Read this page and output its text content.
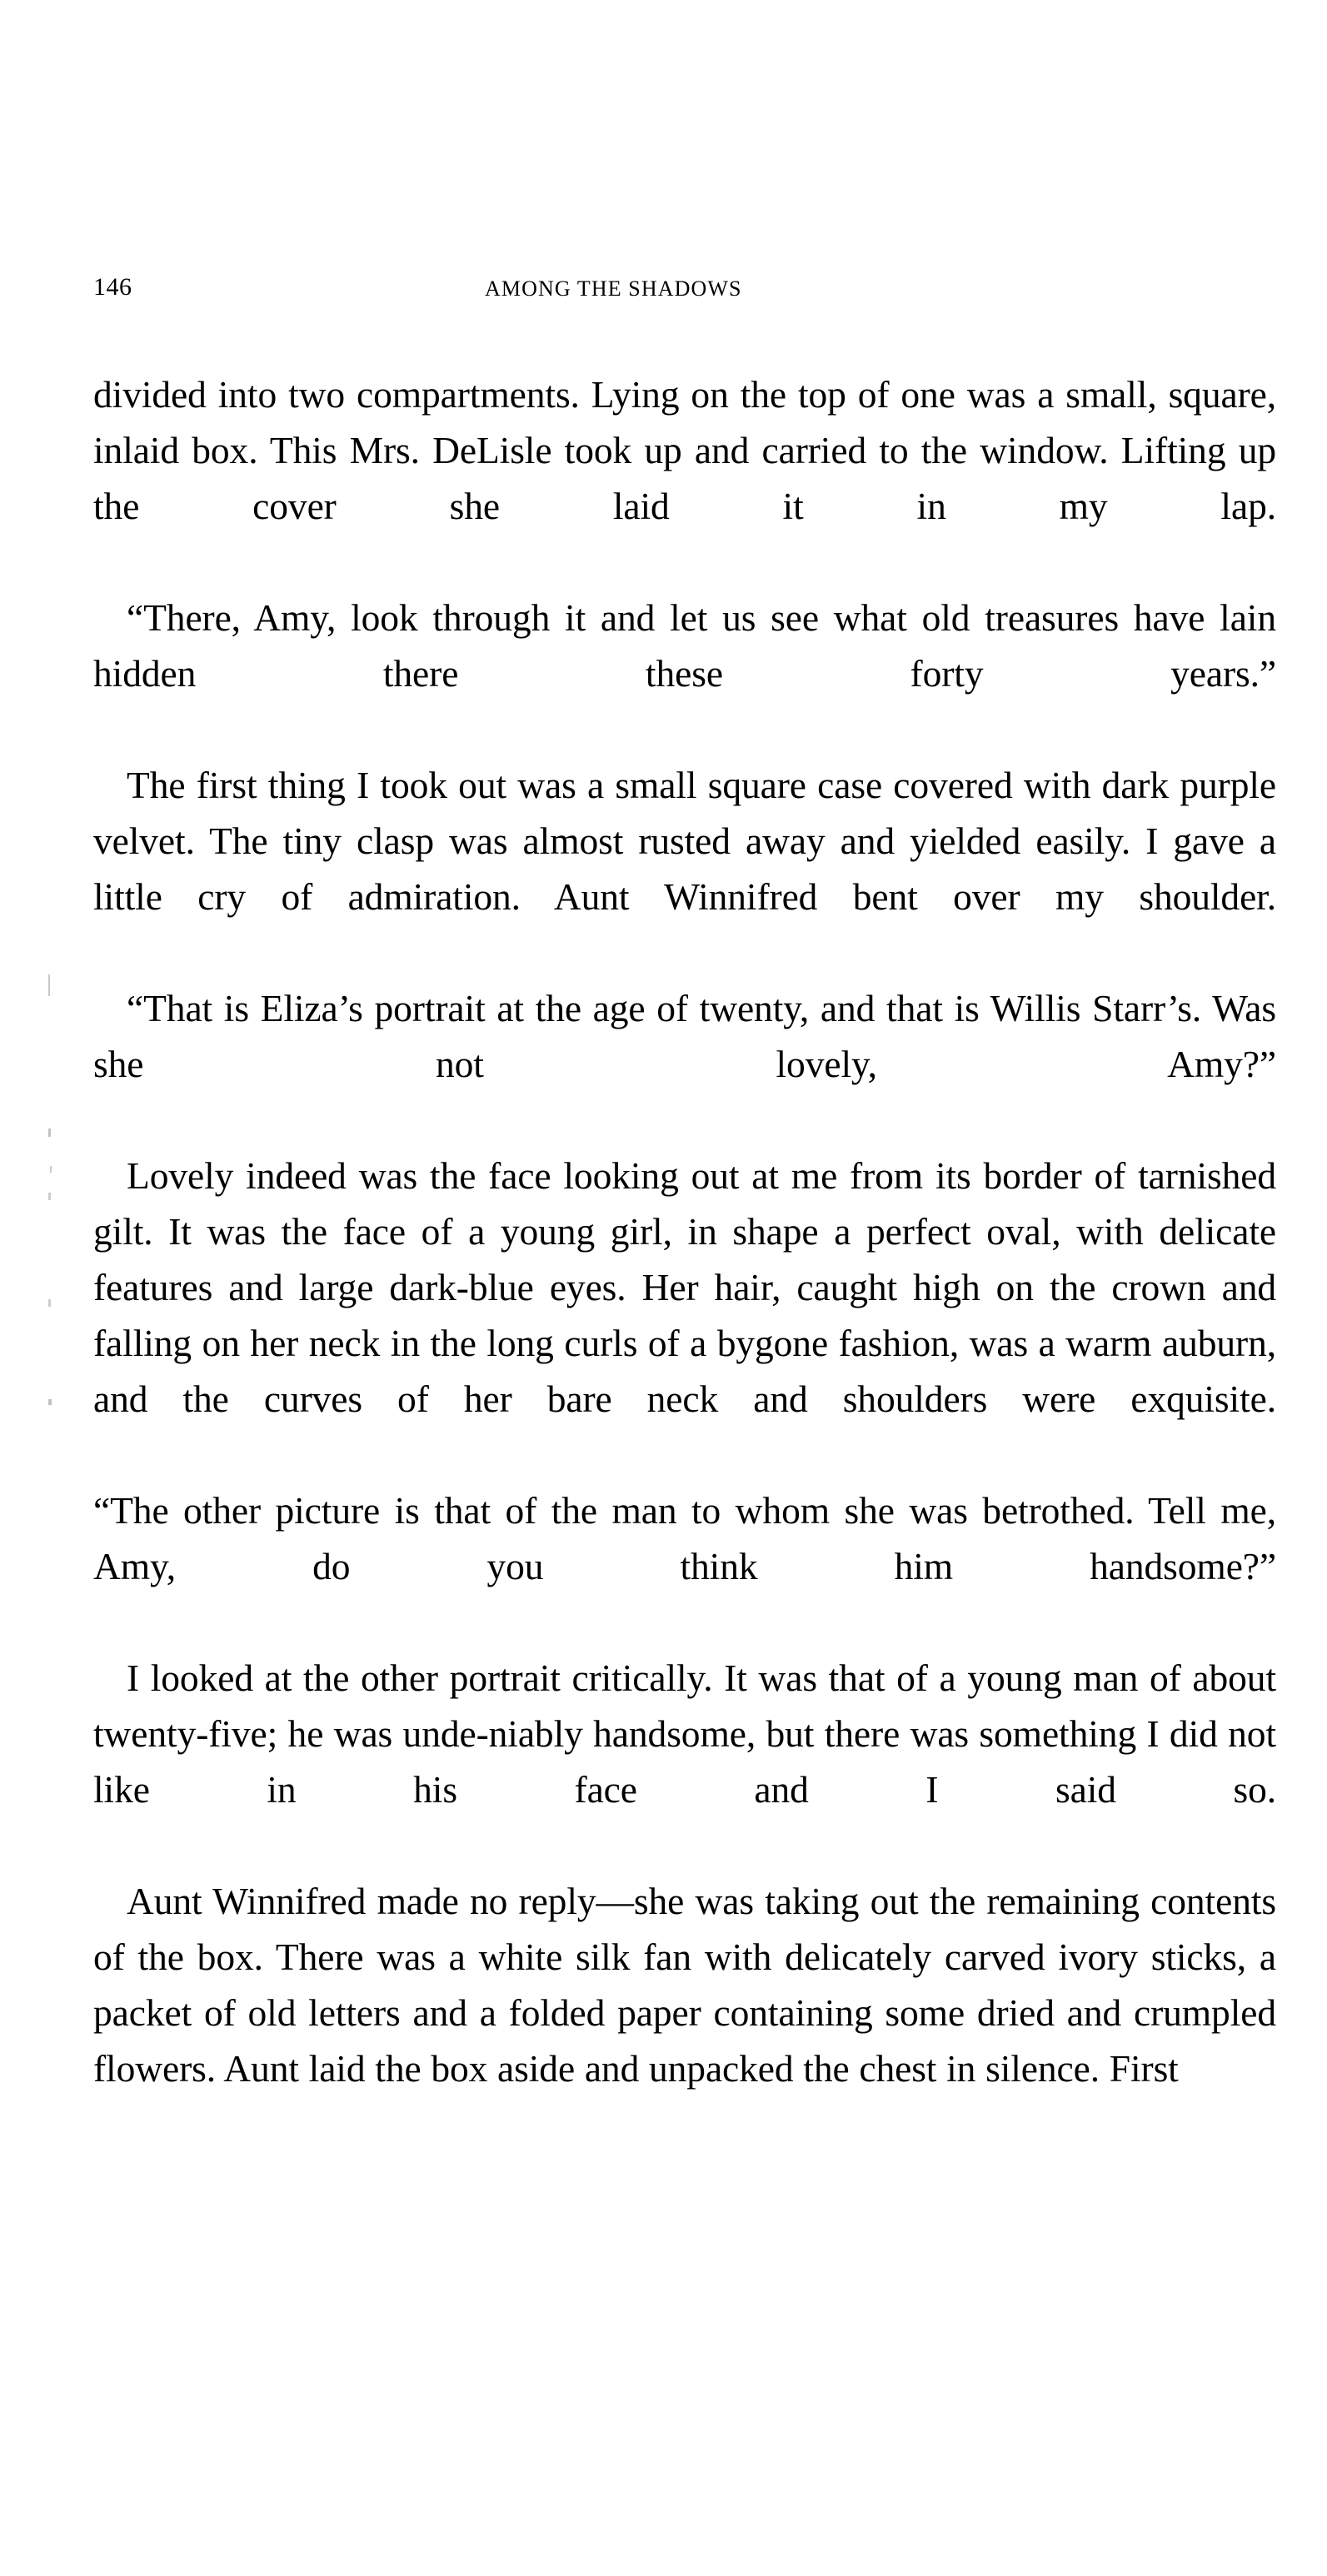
146	AMONG THE SHADOWS

divided into two compartments. Lying on the top of one was a small, square, inlaid box. This Mrs. DeLisle took up and carried to the window. Lifting up the cover she laid it in my lap.

“There, Amy, look through it and let us see what old treasures have lain hidden there these forty years.”

The first thing I took out was a small square case covered with dark purple velvet. The tiny clasp was almost rusted away and yielded easily. I gave a little cry of admiration. Aunt Winnifred bent over my shoulder.

“That is Eliza’s portrait at the age of twenty, and that is Willis Starr’s. Was she not lovely, Amy?”

Lovely indeed was the face looking out at me from its border of tarnished gilt. It was the face of a young girl, in shape a perfect oval, with delicate features and large dark-blue eyes. Her hair, caught high on the crown and falling on her neck in the long curls of a bygone fashion, was a warm auburn, and the curves of her bare neck and shoulders were exquisite.

“The other picture is that of the man to whom she was betrothed. Tell me, Amy, do you think him handsome?”

I looked at the other portrait critically. It was that of a young man of about twenty-five; he was unde-niably handsome, but there was something I did not like in his face and I said so.

Aunt Winnifred made no reply—she was taking out the remaining contents of the box. There was a white silk fan with delicately carved ivory sticks, a packet of old letters and a folded paper containing some dried and crumpled flowers. Aunt laid the box aside and unpacked the chest in silence. First
